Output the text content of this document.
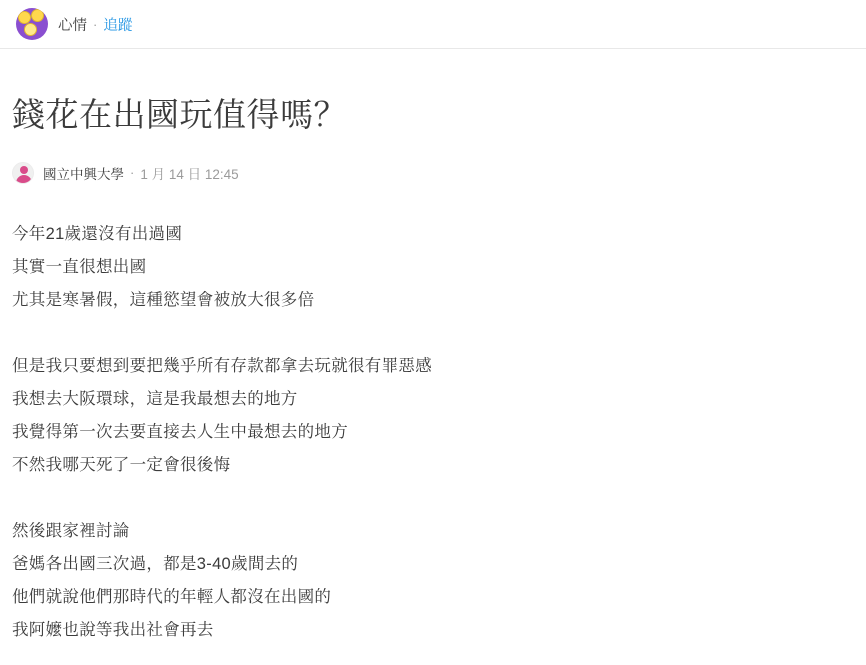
心情 · 追蹤
錢花在出國玩值得嗎？
國立中興大學 · 1 月 14 日 12:45

今年21歲還沒有出過國

其實一直很想出國

尤其是寒暑假，這種慾望會被放大很多倍

但是我只要想到要把幾乎所有存款都拿去玩就很有罪惡感

我想去大阪環球，這是我最想去的地方

我覺得第一次去要直接去人生中最想去的地方

不然我哪天死了一定會很後悔

然後跟家裡討論

爸媽各出國三次過，都是3-40歲間去的

他們就說他們那時代的年輕人都沒在出國的

我阿嬤也說等我出社會再去
